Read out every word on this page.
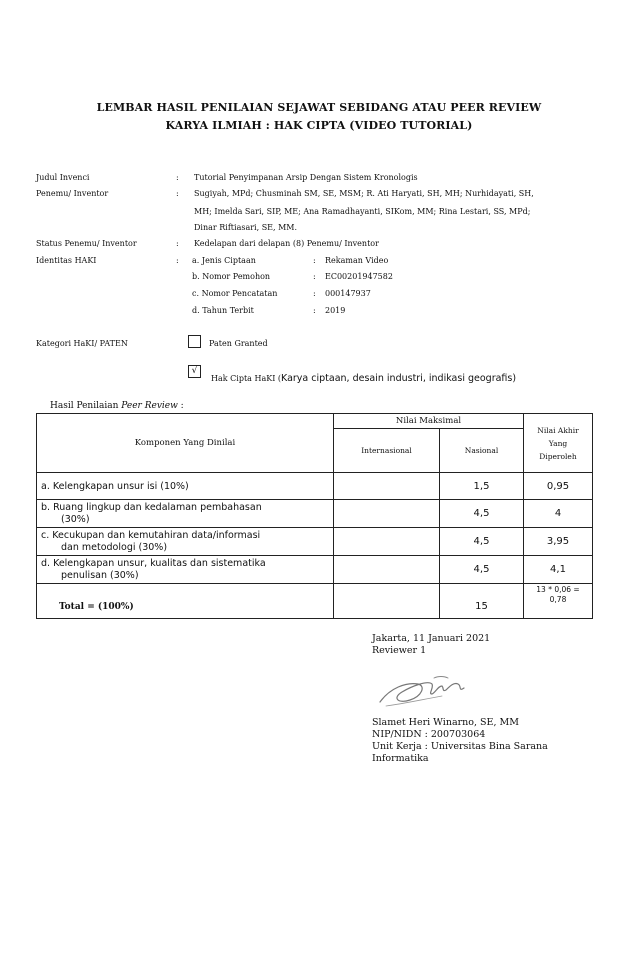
LEMBAR HASIL PENILAIAN SEJAWAT SEBIDANG ATAU PEER REVIEW
KARYA ILMIAH : HAK CIPTA (VIDEO TUTORIAL)
Judul Invenci	: Tutorial Penyimpanan Arsip Dengan Sistem Kronologis
Penemu/ Inventor	: Sugiyah, MPd; Chusminah SM, SE, MSM; R. Ati Haryati, SH, MH; Nurhidayati, SH,
MH; Imelda Sari, SIP, ME; Ana Ramadhayanti, SIKom, MM; Rina Lestari, SS, MPd;
Dinar Riftiasari, SE, MM.
Status Penemu/ Inventor	: Kedelapan dari delapan (8) Penemu/ Inventor
Identitas HAKI	: a. Jenis Ciptaan	: Rekaman Video
b. Nomor Pemohon	: EC00201947582
c. Nomor Pencatatan	: 000147937
d. Tahun Terbit	: 2019
Kategori HaKI/ PATEN	Paten Granted
√
Hak Cipta HaKI (Karya ciptaan, desain industri, indikasi geografis)
Hasil Penilaian Peer Review :
Komponen Yang Dinilai	Nilai Maksimal		Nilai Akhir
Yang
Diperoleh

	Internasional	Nasional	
a. Kelengkapan unsur isi (10%)		1,5	0,95

b. Ruang lingkup dan kedalaman pembahasan
(30%)		4,5	4

c. Kecukupan dan kemutahiran data/informasi
dan metodologi (30%)		4,5	3,95

d. Kelengkapan unsur, kualitas dan sistematika
penulisan (30%)		4,5	4,1
Total = (100%)		15	13 * 0,06 =
0,78
Jakarta, 11 Januari 2021
Reviewer 1
Slamet Heri Winarno, SE, MM
NIP/NIDN : 200703064
Unit Kerja : Universitas Bina Sarana
Informatika
